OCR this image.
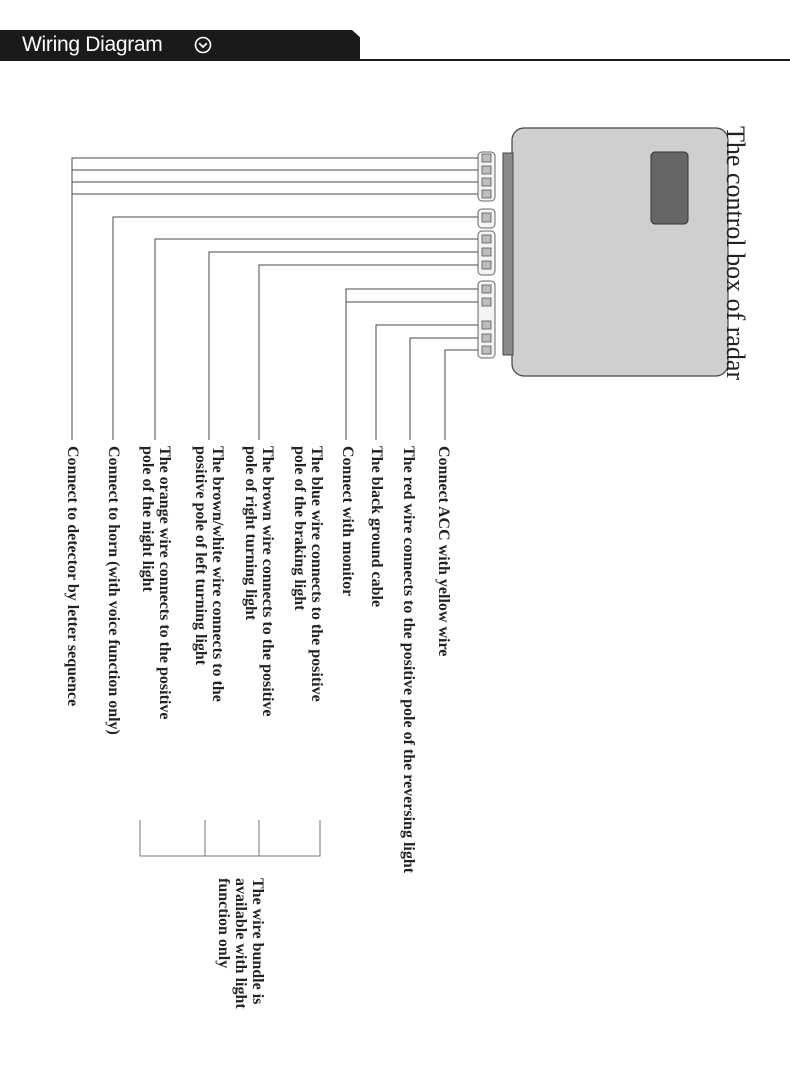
Wiring Diagram
The control box of radar
Connect ACC with yellow wire
The red wire connects to the positive pole of the reversing light
The black ground cable
Connect with monitor
The blue wire connects to the positive
pole of the braking light
The brown wire connects to the positive
pole of right turning light
The brown/white wire connects to the
positive pole of left turning light
The orange wire connects to the positive
pole of the night light
Connect to horn (with voice function only)
Connect to detector by letter sequence
The wire bundle is
available with light
function only
